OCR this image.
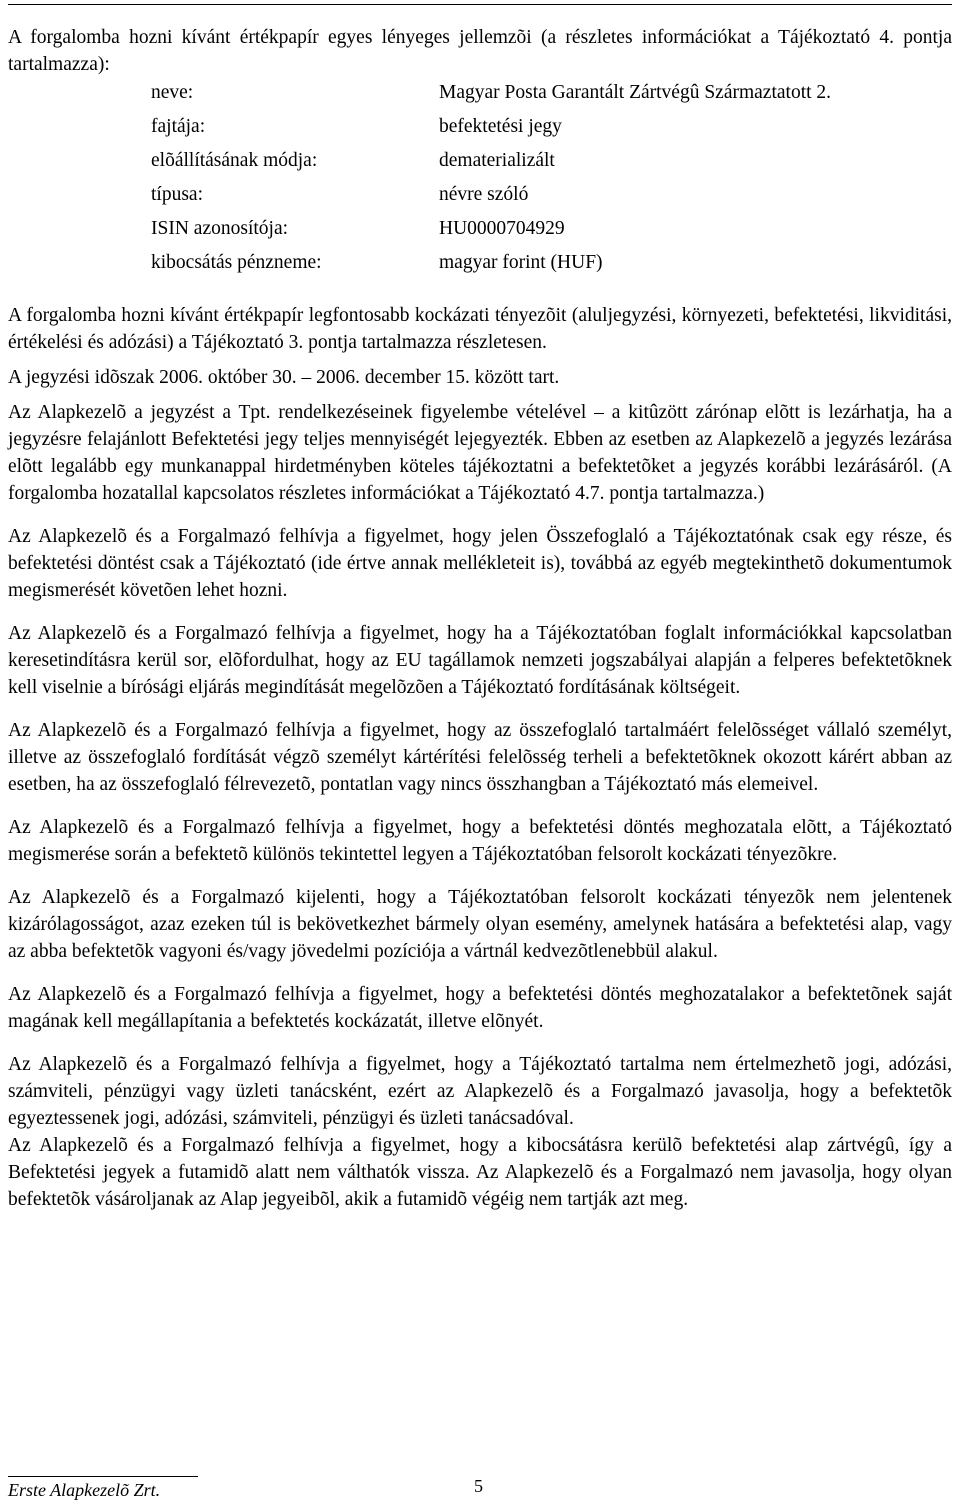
A forgalomba hozni kívánt értékpapír egyes lényeges jellemzõi (a részletes információkat a Tájékoztató 4. pontja tartalmazza):

neve:	Magyar Posta Garantált Zártvégû Származtatott 2.
fajtája:	befektetési jegy
elõállításának módja:	dematerializált
típusa:	névre szóló
ISIN azonosítója:	HU0000704929
kibocsátás pénzneme:	magyar forint (HUF)

A forgalomba hozni kívánt értékpapír legfontosabb kockázati tényezõit (aluljegyzési, környezeti, befektetési, likviditási, értékelési és adózási) a Tájékoztató 3. pontja tartalmazza részletesen.

A jegyzési idõszak 2006. október 30. – 2006. december 15. között tart.

Az Alapkezelõ a jegyzést a Tpt. rendelkezéseinek figyelembe vételével – a kitûzött zárónap elõtt is lezárhatja, ha a jegyzésre felajánlott Befektetési jegy teljes mennyiségét lejegyezték. Ebben az esetben az Alapkezelõ a jegyzés lezárása elõtt legalább egy munkanappal hirdetményben köteles tájékoztatni a befektetõket a jegyzés korábbi lezárásáról. (A forgalomba hozatallal kapcsolatos részletes információkat a Tájékoztató 4.7. pontja tartalmazza.)

Az Alapkezelõ és a Forgalmazó felhívja a figyelmet, hogy jelen Összefoglaló a Tájékoztatónak csak egy része, és befektetési döntést csak a Tájékoztató (ide értve annak mellékleteit is), továbbá az egyéb megtekinthetõ dokumentumok megismerését követõen lehet hozni.

Az Alapkezelõ és a Forgalmazó felhívja a figyelmet, hogy ha a Tájékoztatóban foglalt információkkal kapcsolatban keresetindításra kerül sor, elõfordulhat, hogy az EU tagállamok nemzeti jogszabályai alapján a felperes befektetõknek kell viselnie a bírósági eljárás megindítását megelõzõen a Tájékoztató fordításának költségeit.

Az Alapkezelõ és a Forgalmazó felhívja a figyelmet, hogy az összefoglaló tartalmáért felelõsséget vállaló személyt, illetve az összefoglaló fordítását végzõ személyt kártérítési felelõsség terheli a befektetõknek okozott kárért abban az esetben, ha az összefoglaló félrevezetõ, pontatlan vagy nincs összhangban a Tájékoztató más elemeivel.

Az Alapkezelõ és a Forgalmazó felhívja a figyelmet, hogy a befektetési döntés meghozatala elõtt, a Tájékoztató megismerése során a befektetõ különös tekintettel legyen a Tájékoztatóban felsorolt kockázati tényezõkre.

Az Alapkezelõ és a Forgalmazó kijelenti, hogy a Tájékoztatóban felsorolt kockázati tényezõk nem jelentenek kizárólagosságot, azaz ezeken túl is bekövetkezhet bármely olyan esemény, amelynek hatására a befektetési alap, vagy az abba befektetõk vagyoni és/vagy jövedelmi pozíciója a vártnál kedvezõtlenebbül alakul.

Az Alapkezelõ és a Forgalmazó felhívja a figyelmet, hogy a befektetési döntés meghozatalakor a befektetõnek saját magának kell megállapítania a befektetés kockázatát, illetve elõnyét.

Az Alapkezelõ és a Forgalmazó felhívja a figyelmet, hogy a Tájékoztató tartalma nem értelmezhetõ jogi, adózási, számviteli, pénzügyi vagy üzleti tanácsként, ezért az Alapkezelõ és a Forgalmazó javasolja, hogy a befektetõk egyeztessenek jogi, adózási, számviteli, pénzügyi és üzleti tanácsadóval.

Az Alapkezelõ és a Forgalmazó felhívja a figyelmet, hogy a kibocsátásra kerülõ befektetési alap zártvégû, így a Befektetési jegyek a futamidõ alatt nem válthatók vissza. Az Alapkezelõ és a Forgalmazó nem javasolja, hogy olyan befektetõk vásároljanak az Alap jegyeibõl, akik a futamidõ végéig nem tartják azt meg.

Erste Alapkezelõ Zrt.	5
